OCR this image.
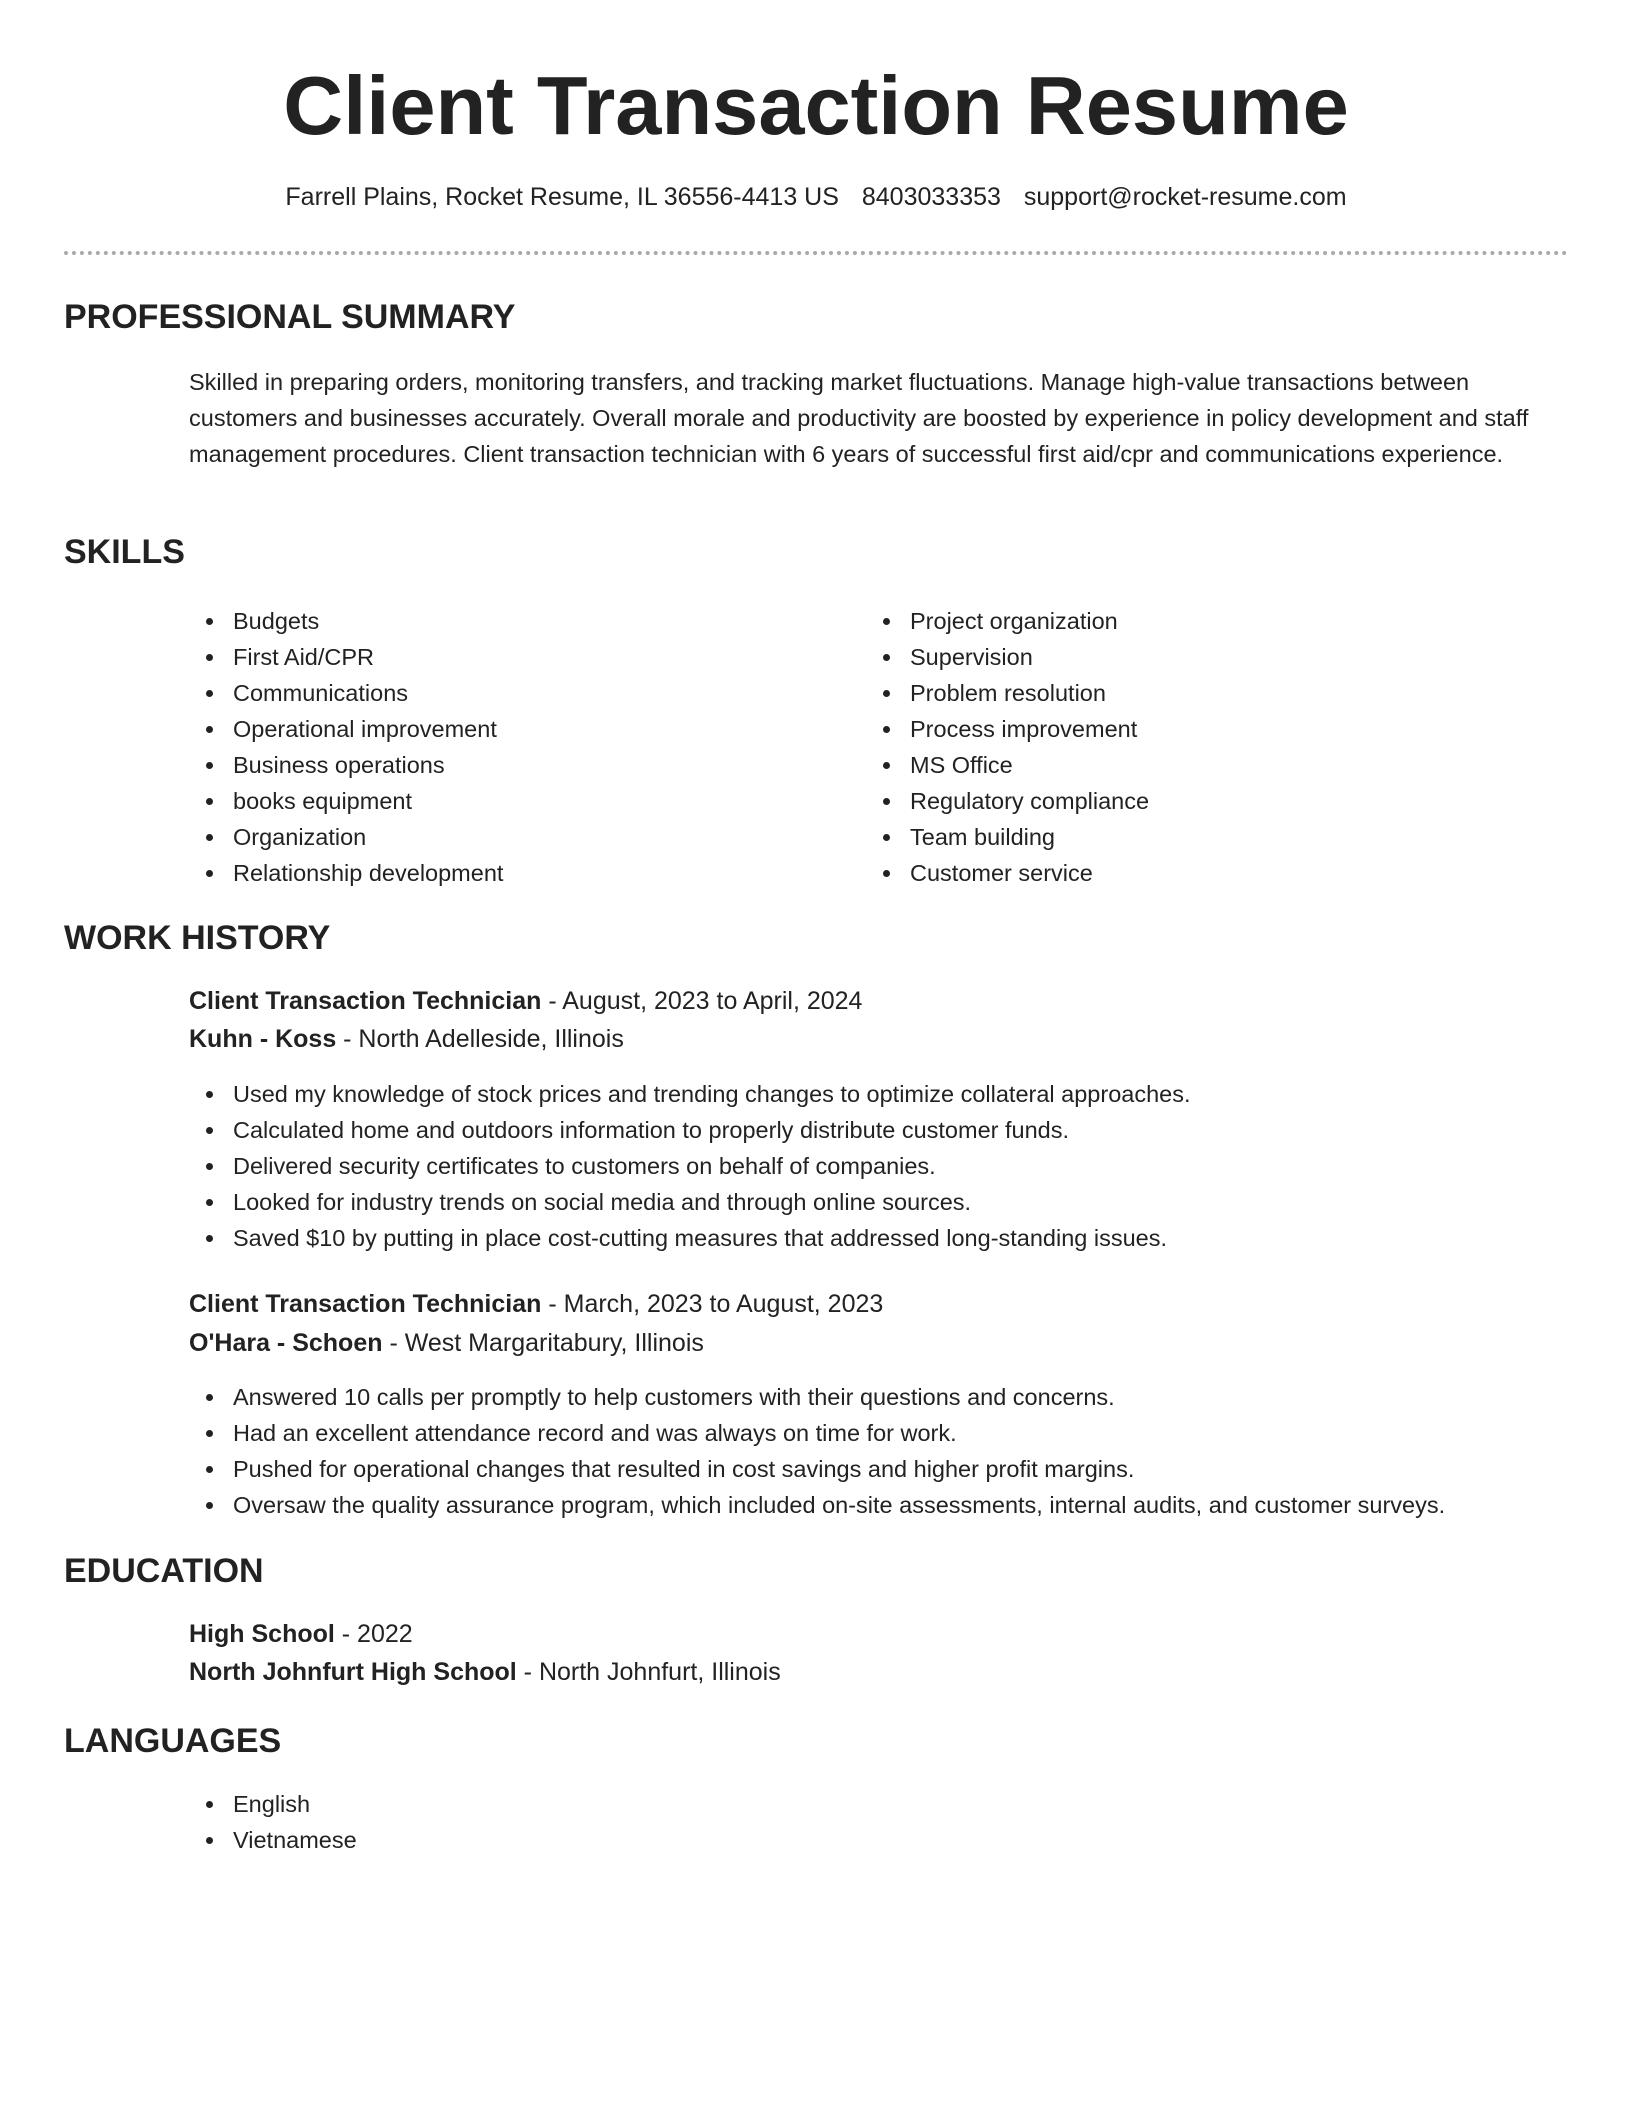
Client Transaction Resume

Farrell Plains, Rocket Resume, IL 36556-4413 US 8403033353 support@rocket-resume.com

PROFESSIONAL SUMMARY

Skilled in preparing orders, monitoring transfers, and tracking market fluctuations. Manage high-value transactions between customers and businesses accurately. Overall morale and productivity are boosted by experience in policy development and staff management procedures. Client transaction technician with 6 years of successful first aid/cpr and communications experience.

SKILLS
Budgets
First Aid/CPR
Communications
Operational improvement
Business operations
books equipment
Organization
Relationship development
Project organization
Supervision
Problem resolution
Process improvement
MS Office
Regulatory compliance
Team building
Customer service
WORK HISTORY

Client Transaction Technician - August, 2023 to April, 2024

Kuhn - Koss - North Adelleside, Illinois

Used my knowledge of stock prices and trending changes to optimize collateral approaches.
Calculated home and outdoors information to properly distribute customer funds.
Delivered security certificates to customers on behalf of companies.
Looked for industry trends on social media and through online sources.
Saved $10 by putting in place cost-cutting measures that addressed long-standing issues.

Client Transaction Technician - March, 2023 to August, 2023

O'Hara - Schoen - West Margaritabury, Illinois

Answered 10 calls per promptly to help customers with their questions and concerns.
Had an excellent attendance record and was always on time for work.
Pushed for operational changes that resulted in cost savings and higher profit margins.
Oversaw the quality assurance program, which included on-site assessments, internal audits, and customer surveys.
EDUCATION

High School - 2022

North Johnfurt High School - North Johnfurt, Illinois

LANGUAGES
English
Vietnamese
